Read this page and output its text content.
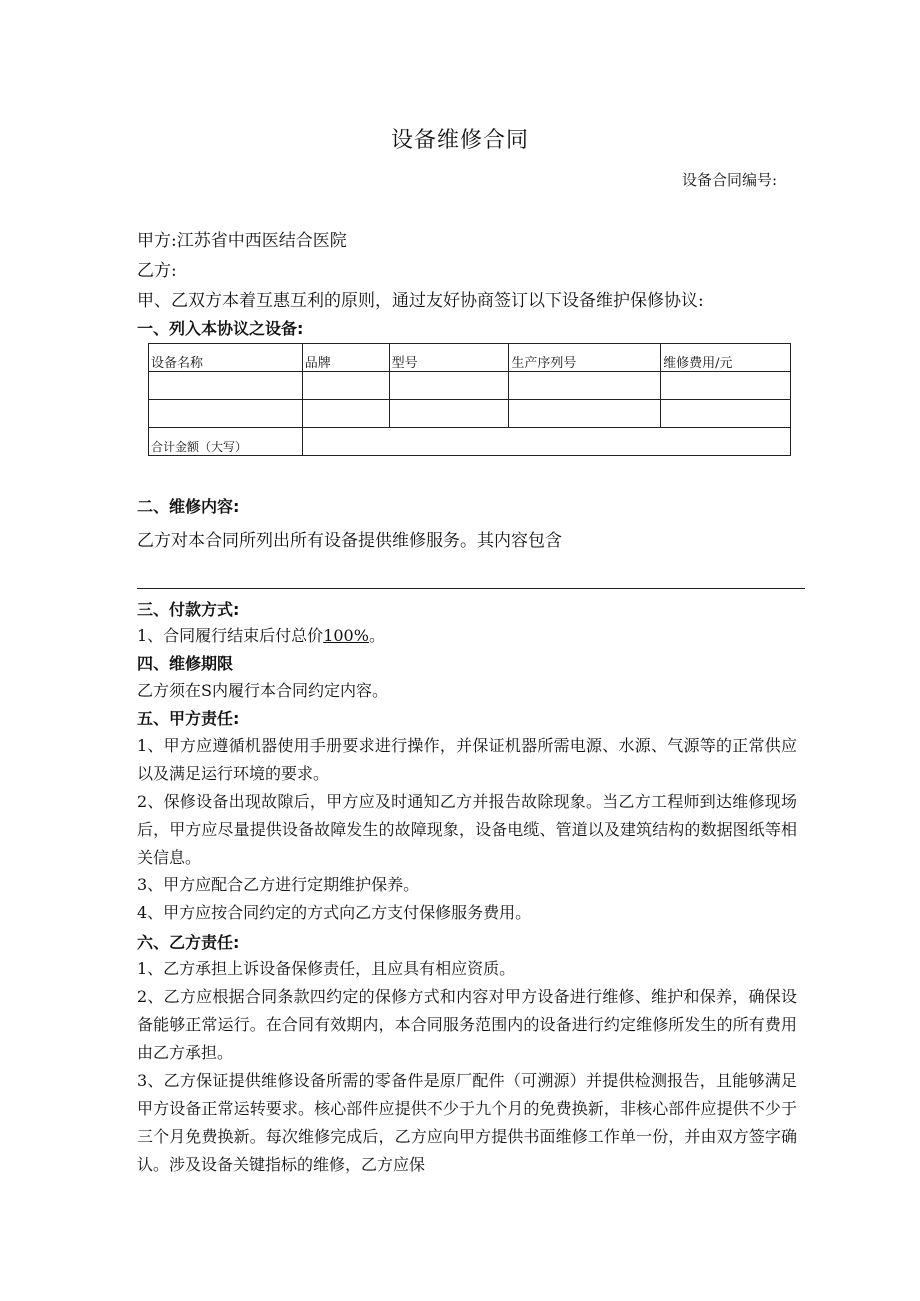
设备维修合同
设备合同编号:
甲方:江苏省中西医结合医院
乙方:
甲、乙双方本着互惠互利的原则，通过友好协商签订以下设备维护保修协议:
一、列入本协议之设备:
设备名称	品牌	型号	生产序列号	维修费用/元

合计金额（大写）				
二、维修内容:
乙方对本合同所列出所有设备提供维修服务。其内容包含
三、付款方式:
1、合同履行结束后付总价100%。
四、维修期限
乙方须在S内履行本合同约定内容。
五、甲方责任:
1、甲方应遵循机器使用手册要求进行操作，并保证机器所需电源、水源、气源等的正常供应以及满足运行环境的要求。
2、保修设备出现故隙后，甲方应及时通知乙方并报告故除现象。当乙方工程师到达维修现场后，甲方应尽量提供设备故障发生的故障现象，设备电缆、管道以及建筑结构的数据图纸等相关信息。
3、甲方应配合乙方进行定期维护保养。
4、甲方应按合同约定的方式向乙方支付保修服务费用。
六、乙方责任:
1、乙方承担上诉设备保修责任，且应具有相应资质。
2、乙方应根据合同条款四约定的保修方式和内容对甲方设备进行维修、维护和保养，确保设备能够正常运行。在合同有效期内，本合同服务范围内的设备进行约定维修所发生的所有费用由乙方承担。
3、乙方保证提供维修设备所需的零备件是原厂配件（可溯源）并提供检测报告，且能够满足甲方设备正常运转要求。核心部件应提供不少于九个月的免费换新，非核心部件应提供不少于三个月免费换新。每次维修完成后，乙方应向甲方提供书面维修工作单一份，并由双方签字确认。涉及设备关键指标的维修，乙方应保
